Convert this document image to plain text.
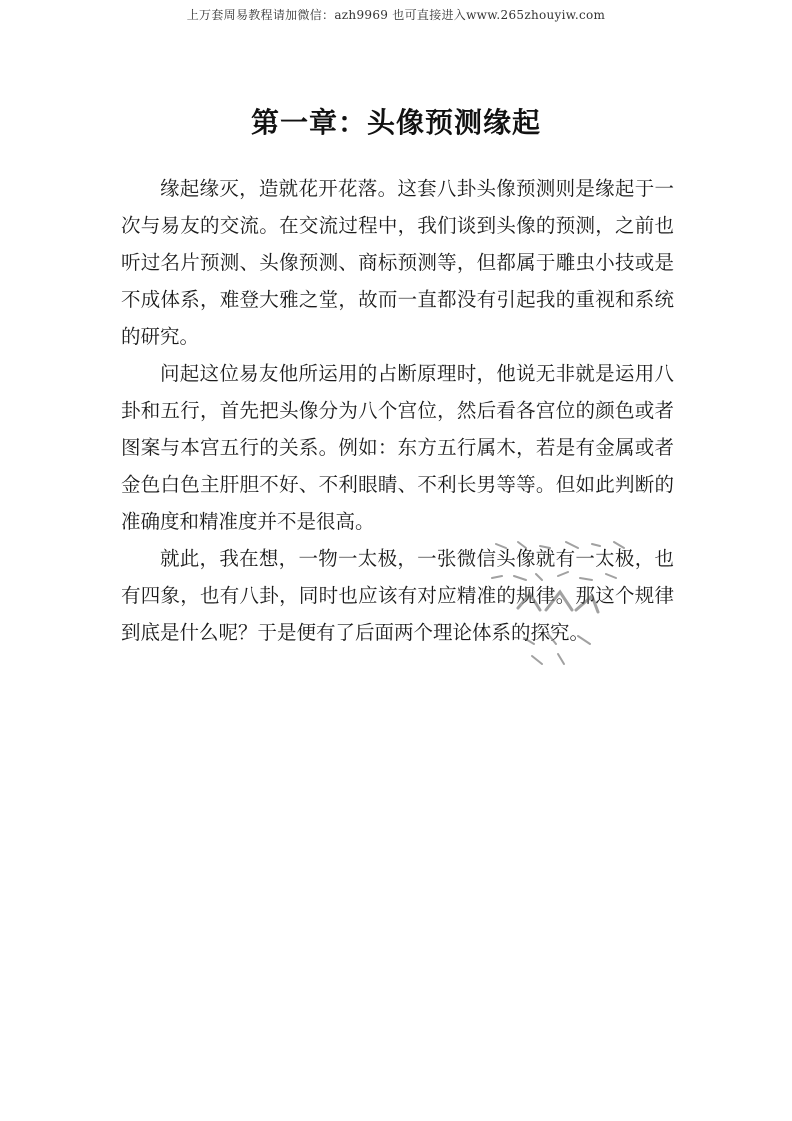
上万套周易教程请加微信：azh9969 也可直接进入www.265zhouyiw.com
第一章：头像预测缘起

缘起缘灭，造就花开花落。这套八卦头像预测则是缘起于一次与易友的交流。在交流过程中，我们谈到头像的预测，之前也听过名片预测、头像预测、商标预测等，但都属于雕虫小技或是不成体系，难登大雅之堂，故而一直都没有引起我的重视和系统的研究。

问起这位易友他所运用的占断原理时，他说无非就是运用八卦和五行，首先把头像分为八个宫位，然后看各宫位的颜色或者图案与本宫五行的关系。例如：东方五行属木，若是有金属或者金色白色主肝胆不好、不利眼睛、不利长男等等。但如此判断的准确度和精准度并不是很高。

就此，我在想，一物一太极，一张微信头像就有一太极，也有四象，也有八卦，同时也应该有对应精准的规律。那这个规律到底是什么呢？于是便有了后面两个理论体系的探究。
